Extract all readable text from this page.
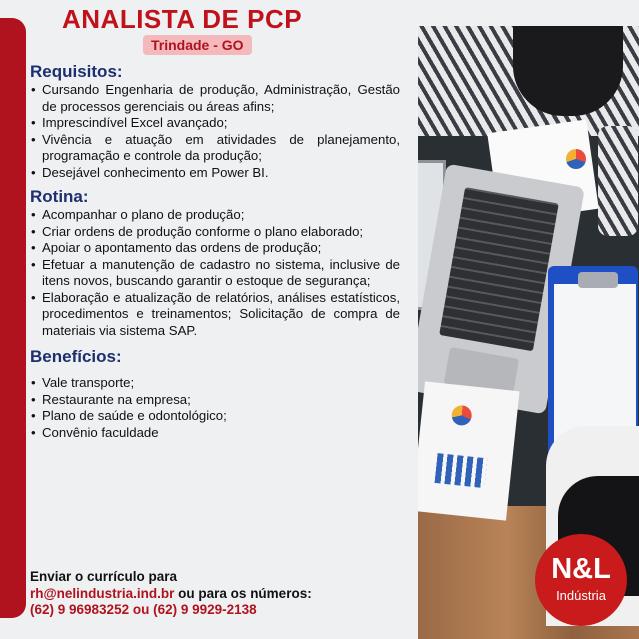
ANALISTA DE PCP
Trindade - GO
Requisitos:
• Cursando Engenharia de produção, Administração, Gestão de processos gerenciais ou áreas afins;
• Imprescindível Excel avançado;
• Vivência e atuação em atividades de planejamento, programação e controle da produção;
• Desejável conhecimento em Power BI.
Rotina:
• Acompanhar o plano de produção;
• Criar ordens de produção conforme o plano elaborado;
• Apoiar o apontamento das ordens de produção;
• Efetuar a manutenção de cadastro no sistema, inclusive de itens novos, buscando garantir o estoque de segurança;
• Elaboração e atualização de relatórios, análises estatísticos, procedimentos e treinamentos; Solicitação de compra de materiais via sistema SAP.
Benefícios:
• Vale transporte;
• Restaurante na empresa;
• Plano de saúde e odontológico;
• Convênio faculdade
Enviar o currículo para
rh@nelindustria.ind.br ou para os números:
(62) 9 96983252 ou (62) 9 9929-2138
N&L
Indústria
